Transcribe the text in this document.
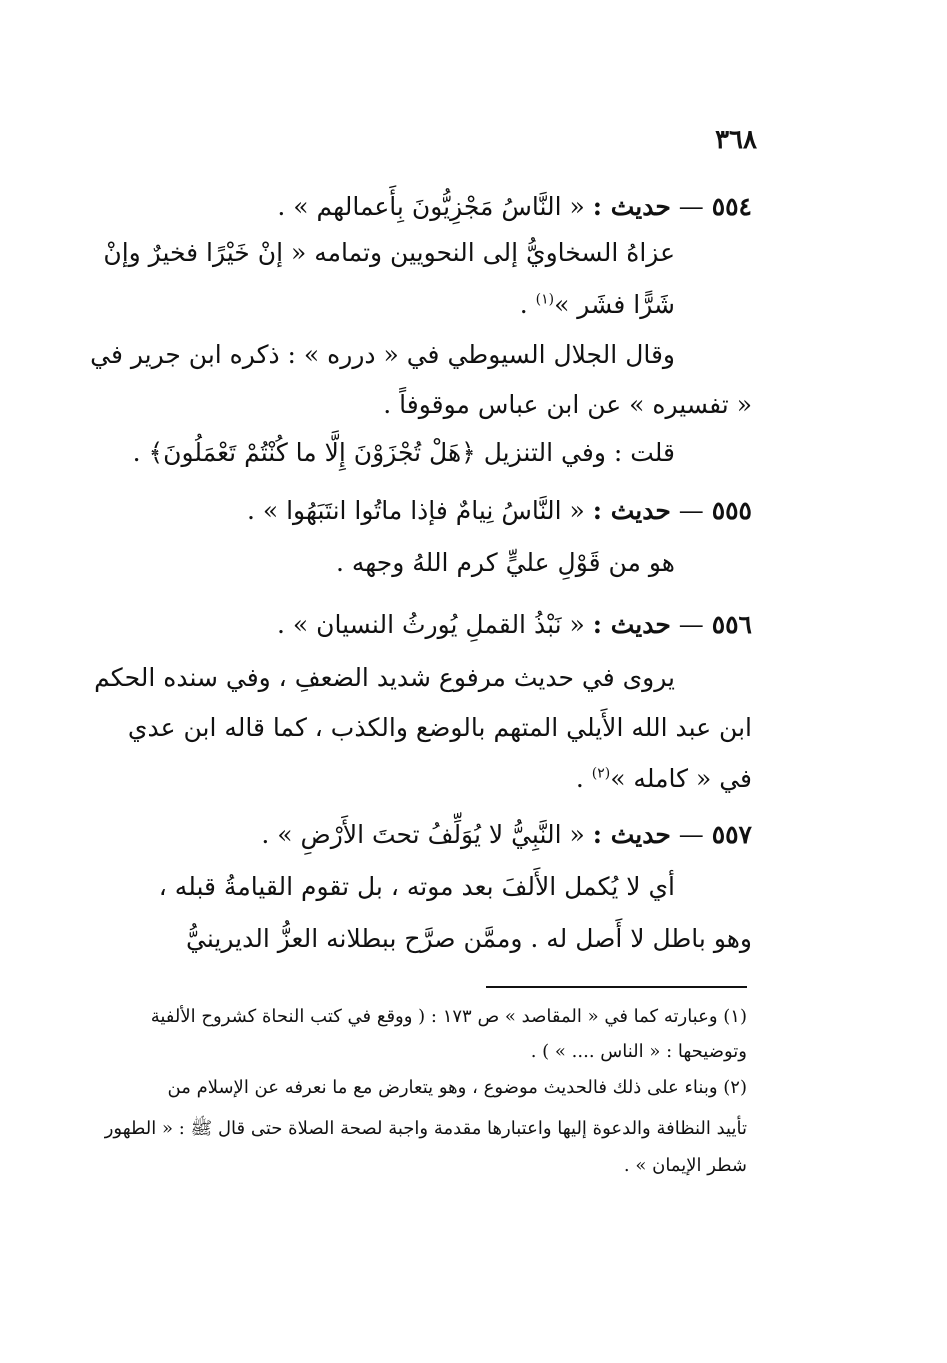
٣٦٨
٥٥٤ — حديث : « النَّاسُ مَجْزِيُّونَ بِأَعمالهم » .
عزاهُ السخاويُّ إلى النحويين وتمامه « إنْ خَيْرًا فخيرٌ وإنْ
شَرًّا فشَر »$^{(١)}$ .
وقال الجلال السيوطي في « درره » : ذكره ابن جرير في
« تفسيره » عن ابن عباس موقوفاً .
قلت : وفي التنزيل ﴿هَلْ تُجْزَوْنَ إِلَّا ما كُنْتُمْ تَعْمَلُونَ﴾ .
٥٥٥ — حديث : « النَّاسُ نِيامٌ فإذا ماتُوا انتَبَهُوا » .
هو من قَوْلِ عليٍّ كرم اللهُ وجهه .
٥٥٦ — حديث : « نَبْذُ القملِ يُورثُ النسيان » .
يروى في حديث مرفوع شديد الضعفِ ، وفي سنده الحكم
ابن عبد الله الأَيلي المتهم بالوضع والكذب ، كما قاله ابن عدي
في « كامله »$^{(٢)}$ .
٥٥٧ — حديث : « النَّبِيُّ لا يُوَلِّفُ تحتَ الأَرْضِ » .
أي لا يُكمل الأَلفَ بعد موته ، بل تقوم القيامةُ قبله ،
وهو باطل لا أَصل له . وممَّن صرَّح ببطلانه العزُّ الديرينيُّ
(١) وعبارته كما في « المقاصد » ص ١٧٣ : ( ووقع في كتب النحاة كشروح الألفية
وتوضيحها : « الناس .... » ) .
(٢) وبناء على ذلك فالحديث موضوع ، وهو يتعارض مع ما نعرفه عن الإسلام من
تأييد النظافة والدعوة إليها واعتبارها مقدمة واجبة لصحة الصلاة حتى قال ﷺ : « الطهور
شطر الإيمان » .
